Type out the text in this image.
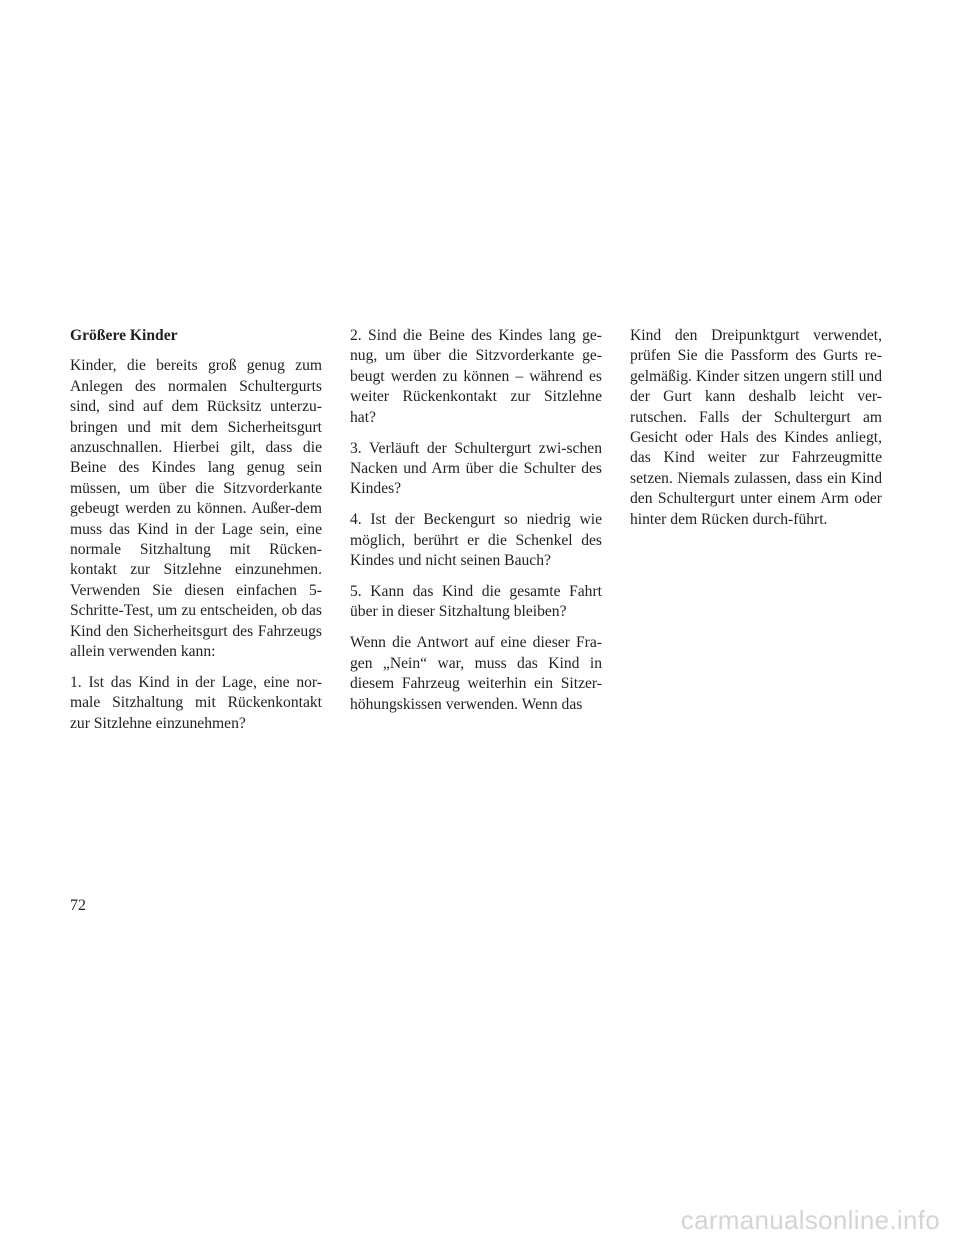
Größere Kinder

Kinder, die bereits groß genug zum Anlegen des normalen Schultergurts sind, sind auf dem Rücksitz unterzu-bringen und mit dem Sicherheitsgurt anzuschnallen. Hierbei gilt, dass die Beine des Kindes lang genug sein müssen, um über die Sitzvorderkante gebeugt werden zu können. Außer-dem muss das Kind in der Lage sein, eine normale Sitzhaltung mit Rücken-kontakt zur Sitzlehne einzunehmen. Verwenden Sie diesen einfachen 5-Schritte-Test, um zu entscheiden, ob das Kind den Sicherheitsgurt des Fahrzeugs allein verwenden kann:

1. Ist das Kind in der Lage, eine nor-male Sitzhaltung mit Rückenkontakt zur Sitzlehne einzunehmen?

2. Sind die Beine des Kindes lang ge-nug, um über die Sitzvorderkante ge-beugt werden zu können – während es weiter Rückenkontakt zur Sitzlehne hat?

3. Verläuft der Schultergurt zwi-schen Nacken und Arm über die Schulter des Kindes?

4. Ist der Beckengurt so niedrig wie möglich, berührt er die Schenkel des Kindes und nicht seinen Bauch?

5. Kann das Kind die gesamte Fahrt über in dieser Sitzhaltung bleiben?

Wenn die Antwort auf eine dieser Fra-gen „Nein“ war, muss das Kind in diesem Fahrzeug weiterhin ein Sitzer-höhungskissen verwenden. Wenn das

Kind den Dreipunktgurt verwendet, prüfen Sie die Passform des Gurts re-gelmäßig. Kinder sitzen ungern still und der Gurt kann deshalb leicht ver-rutschen. Falls der Schultergurt am Gesicht oder Hals des Kindes anliegt, das Kind weiter zur Fahrzeugmitte setzen. Niemals zulassen, dass ein Kind den Schultergurt unter einem Arm oder hinter dem Rücken durch-führt.

72
carmanualsonline.info
